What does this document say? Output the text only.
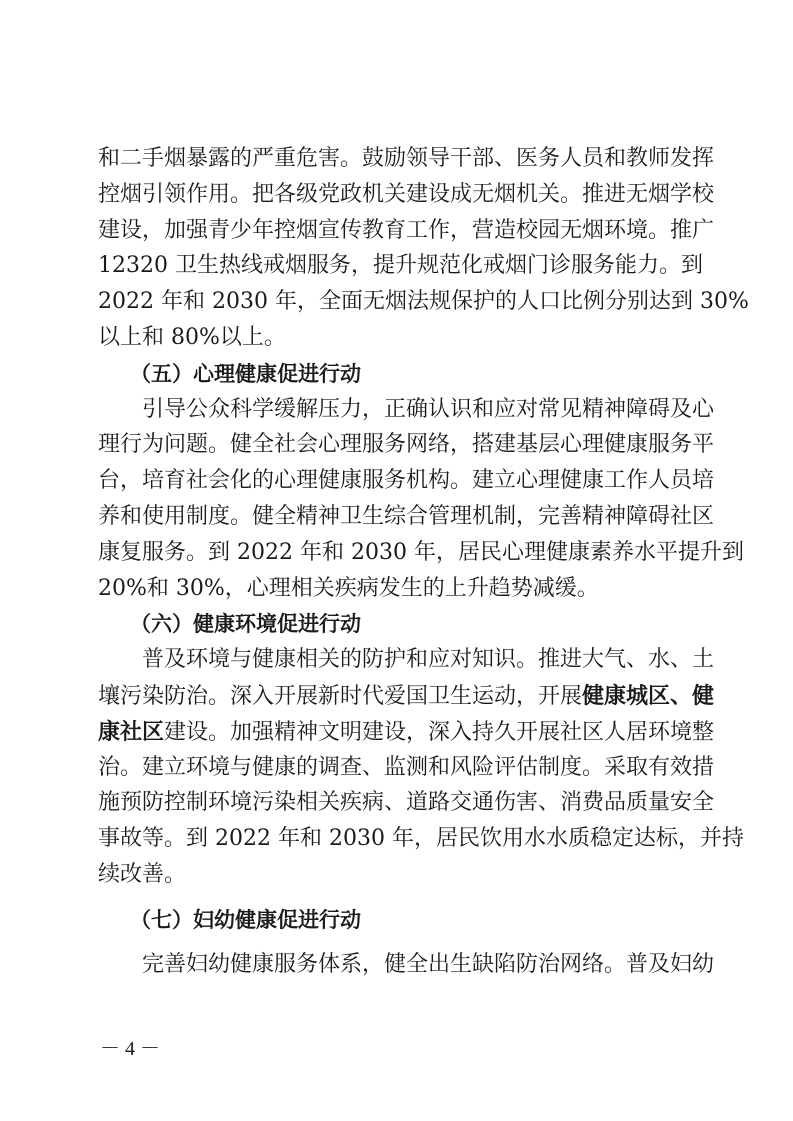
和二手烟暴露的严重危害。鼓励领导干部、医务人员和教师发挥
控烟引领作用。把各级党政机关建设成无烟机关。推进无烟学校
建设，加强青少年控烟宣传教育工作，营造校园无烟环境。推广
12320 卫生热线戒烟服务，提升规范化戒烟门诊服务能力。到
2022 年和 2030 年，全面无烟法规保护的人口比例分别达到 30%
以上和 80%以上。
（五）心理健康促进行动
引导公众科学缓解压力，正确认识和应对常见精神障碍及心
理行为问题。健全社会心理服务网络，搭建基层心理健康服务平
台，培育社会化的心理健康服务机构。建立心理健康工作人员培
养和使用制度。健全精神卫生综合管理机制，完善精神障碍社区
康复服务。到 2022 年和 2030 年，居民心理健康素养水平提升到
20%和 30%，心理相关疾病发生的上升趋势减缓。
（六）健康环境促进行动
普及环境与健康相关的防护和应对知识。推进大气、水、土
壤污染防治。深入开展新时代爱国卫生运动，开展健康城区、健
康社区建设。加强精神文明建设，深入持久开展社区人居环境整
治。建立环境与健康的调查、监测和风险评估制度。采取有效措
施预防控制环境污染相关疾病、道路交通伤害、消费品质量安全
事故等。到 2022 年和 2030 年，居民饮用水水质稳定达标，并持
续改善。
（七）妇幼健康促进行动
完善妇幼健康服务体系，健全出生缺陷防治网络。普及妇幼
－ 4 －
